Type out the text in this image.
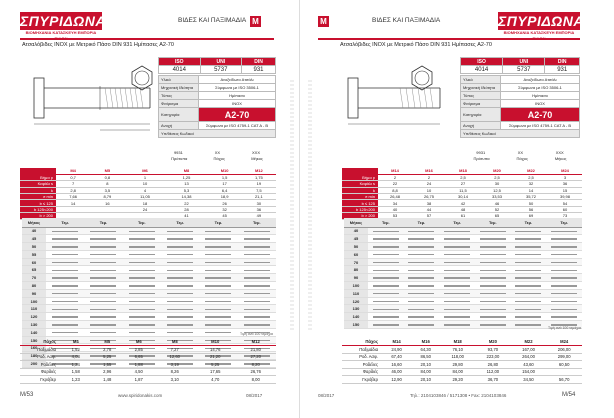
ΣΠΥΡΙΔΩΝΑΚΗΣ
ΒΙΟΜΗΧΑΝΙΑ ΚΑΤΑΣΚΕΥΗ ΕΜΠΟΡΙΑ
M
ΒΙΔΕΣ ΚΑΙ ΠΑΞΙΜΑΔΙΑ
Ατσαλόβιδες INOX με Μετρικό Πάσο DIN 931 Ημίπασες A2-70
ISO	UNI	DIN
4014	5737	931
Υλικό	Ανοξείδωτο Ατσάλι
Μηχανική Ιδιότητα	Σύμφωνα με ISO 3506-1
Τύπος	Ημίπασο
Φινίρισμα	INOX
Κατηγορία	A2-70
Ανοχή	Σύμφωνα με ISO 4759-1 CAT A - B
Υπ/θέσεις Κωδικοί	
9931	XX	XXX
Πρότυπα	Πάχος	Μήκος
Πάχος	M4	M5	M6	M8	M10	M12
Βήμα p	0,7	0,8	1	1,25	1,5	1,75
Κεφάλι s	7	8	10	13	17	19
k	2,8	3,5	4	5,3	6,4	7,5
e min	7,66	8,79	11,05	14,38	18,9	21,1
b ≤ 125	14	16	18	22	26	30
b 125<200			24	28	32	36
b > 200				41	45	49
Μήκος	Τεμ.	Τεμ.	Τεμ.	Τεμ.	Τεμ.	Τεμ.
40						
45						
50						
55						
60						
65						
70						
80						
90						
100						
110						
120						
130						
140						
150						
160						
180						
200						
Τιμή ανά 100 τεμάχια
Πάχος	M4	M5	M6	M8	M10	M12
Παξιμάδια	1,52	2,78	2,85	7,27	14,76	21,80
Ροδ. Ασφ.	4,08	5,25	6,65	12,60	21,20	27,20
Ροδέλες	1,24	1,55	1,88	3,19	5,25	8,20
Φαρδιές	1,58	2,96	4,50	8,26	17,65	26,76
Γκρόβερ	1,23	1,48	1,87	3,10	4,70	8,00
M/53	www.spiridonakis.com	08/2017
M	ΒΙΔΕΣ ΚΑΙ ΠΑΞΙΜΑΔΙΑ	ΣΠΥΡΙΔΩΝΑΚΗΣ
ΒΙΟΜΗΧΑΝΙΑ ΚΑΤΑΣΚΕΥΗ ΕΜΠΟΡΙΑ
Ατσαλόβιδες INOX με Μετρικό Πάσο DIN 931 Ημίπασες A2-70
ISO	UNI	DIN
4014	5737	931
Υλικό	Ανοξείδωτο Ατσάλι
Μηχανική Ιδιότητα	Σύμφωνα με ISO 3506-1
Τύπος	Ημίπασο
Φινίρισμα	INOX
Κατηγορία	A2-70
Ανοχή	Σύμφωνα με ISO 4759-1 CAT A - B
Υπ/θέσεις Κωδικοί	
9931	XX	XXX
Πρότυπα	Πάχος	Μήκος
Πάχος	M14	M16	M18	M20	M22	M24
Βήμα p	2	2	2,5	2,5	2,5	3
Κεφάλι s	22	24	27	30	32	36
k	8,8	10	11,5	12,5	14	15
e min	26,48	26,75	30,14	33,53	35,72	39,98
b ≤ 125	34	38	42	46	50	54
b 125<200	40	44	48	52	56	60
b > 200	53	57	61	65	69	73
Μήκος	Τεμ.	Τεμ.	Τεμ.	Τεμ.	Τεμ.	Τεμ.
40						
45						
50						
60						
70						
80						
90						
100						
110						
120						
130						
140						
150						
Τιμή ανά 100 τεμάχια
Πάχος	M14	M16	M18	M20	M22	M24
Παξιμάδια	24,90	64,30	76,10	93,70	167,00	206,00
Ροδ. Ασφ.	67,40	86,50	118,00	223,00	264,00	299,00
Ροδέλες	16,60	20,10	29,80	26,80	43,60	60,50
Φαρδιές	46,00	84,00	84,00	112,00	154,00	
Γκρόβερ	12,90	20,10	29,20	36,70	34,50	56,70
08/2017	Τηλ.: 2104103846 / 5171308 • Fax: 2104103846	M/54
